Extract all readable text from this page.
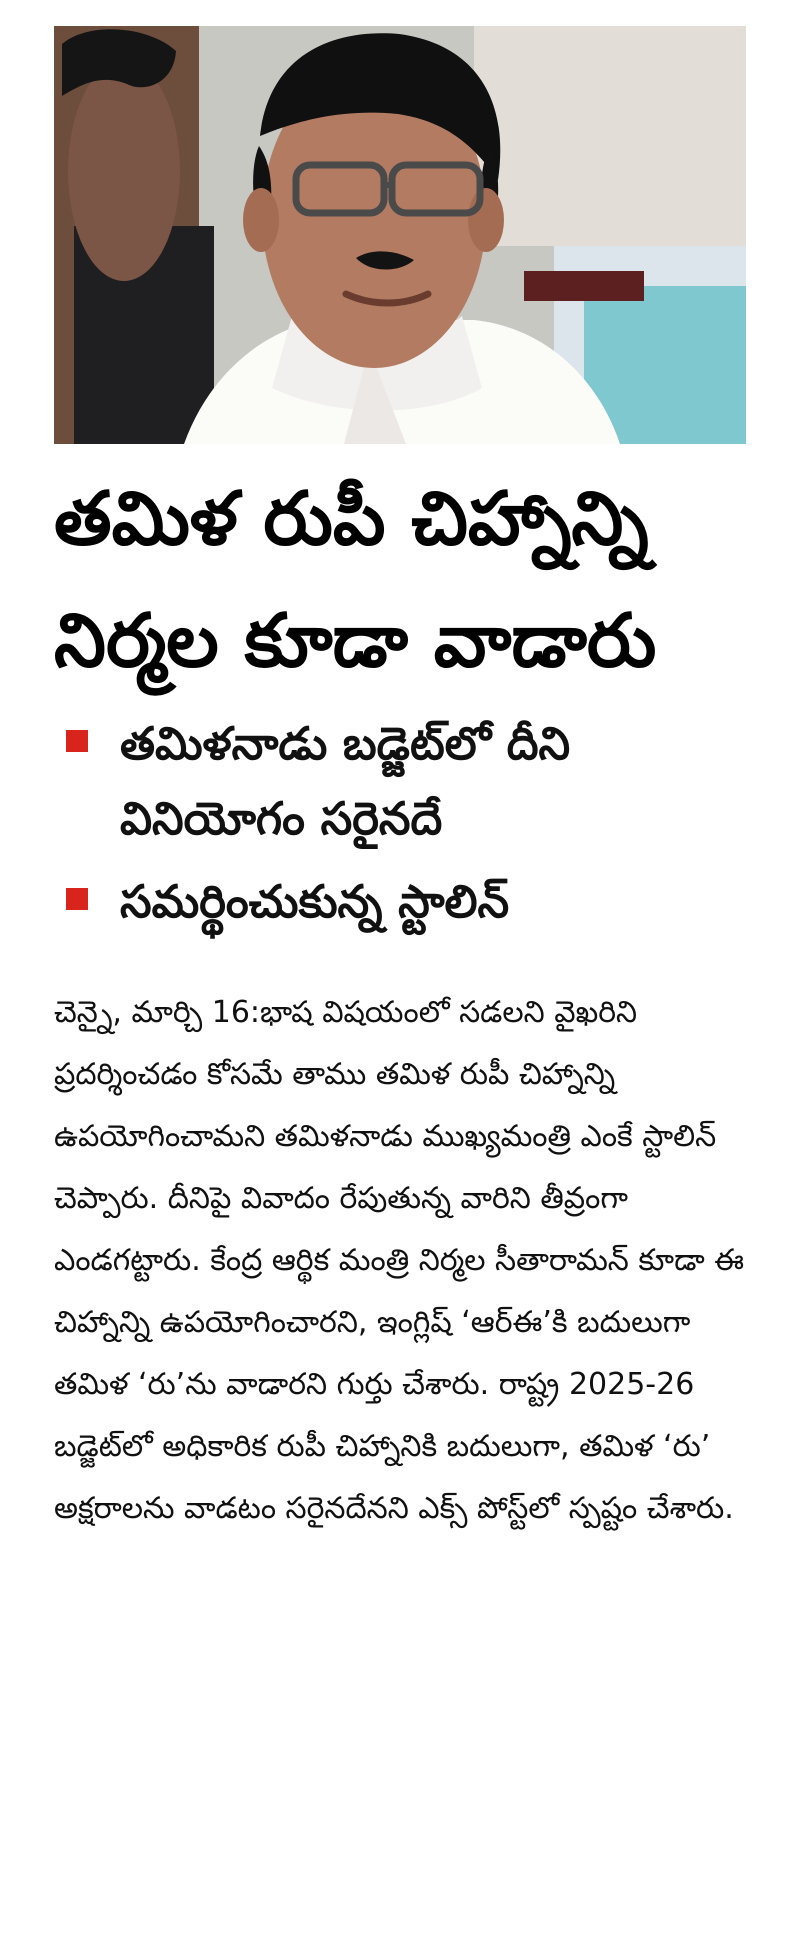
తమిళ రుపీ చిహ్నాన్ని నిర్మల కూడా వాడారు
తమిళనాడు బడ్జెట్‌లో దీని వినియోగం సరైనదే
సమర్థించుకున్న స్టాలిన్

చెన్నై, మార్చి 16:భాష విషయంలో సడలని వైఖరిని ప్రదర్శించడం కోసమే తాము తమిళ రుపీ చిహ్నాన్ని ఉపయోగించామని తమిళనాడు ముఖ్యమంత్రి ఎంకే స్టాలిన్ చెప్పారు. దీనిపై వివాదం రేపుతున్న వారిని తీవ్రంగా ఎండగట్టారు. కేంద్ర ఆర్థిక మంత్రి నిర్మల సీతారామన్ కూడా ఈ చిహ్నాన్ని ఉపయోగించారని, ఇంగ్లిష్ ‘ఆర్‌ఈ’కి బదులుగా తమిళ ‘రు’ను వాడారని గుర్తు చేశారు. రాష్ట్ర 2025-26 బడ్జెట్‌లో అధికారిక రుపీ చిహ్నానికి బదులుగా, తమిళ ‘రు’ అక్షరాలను వాడటం సరైనదేనని ఎక్స్ పోస్ట్‌లో స్పష్టం చేశారు.
